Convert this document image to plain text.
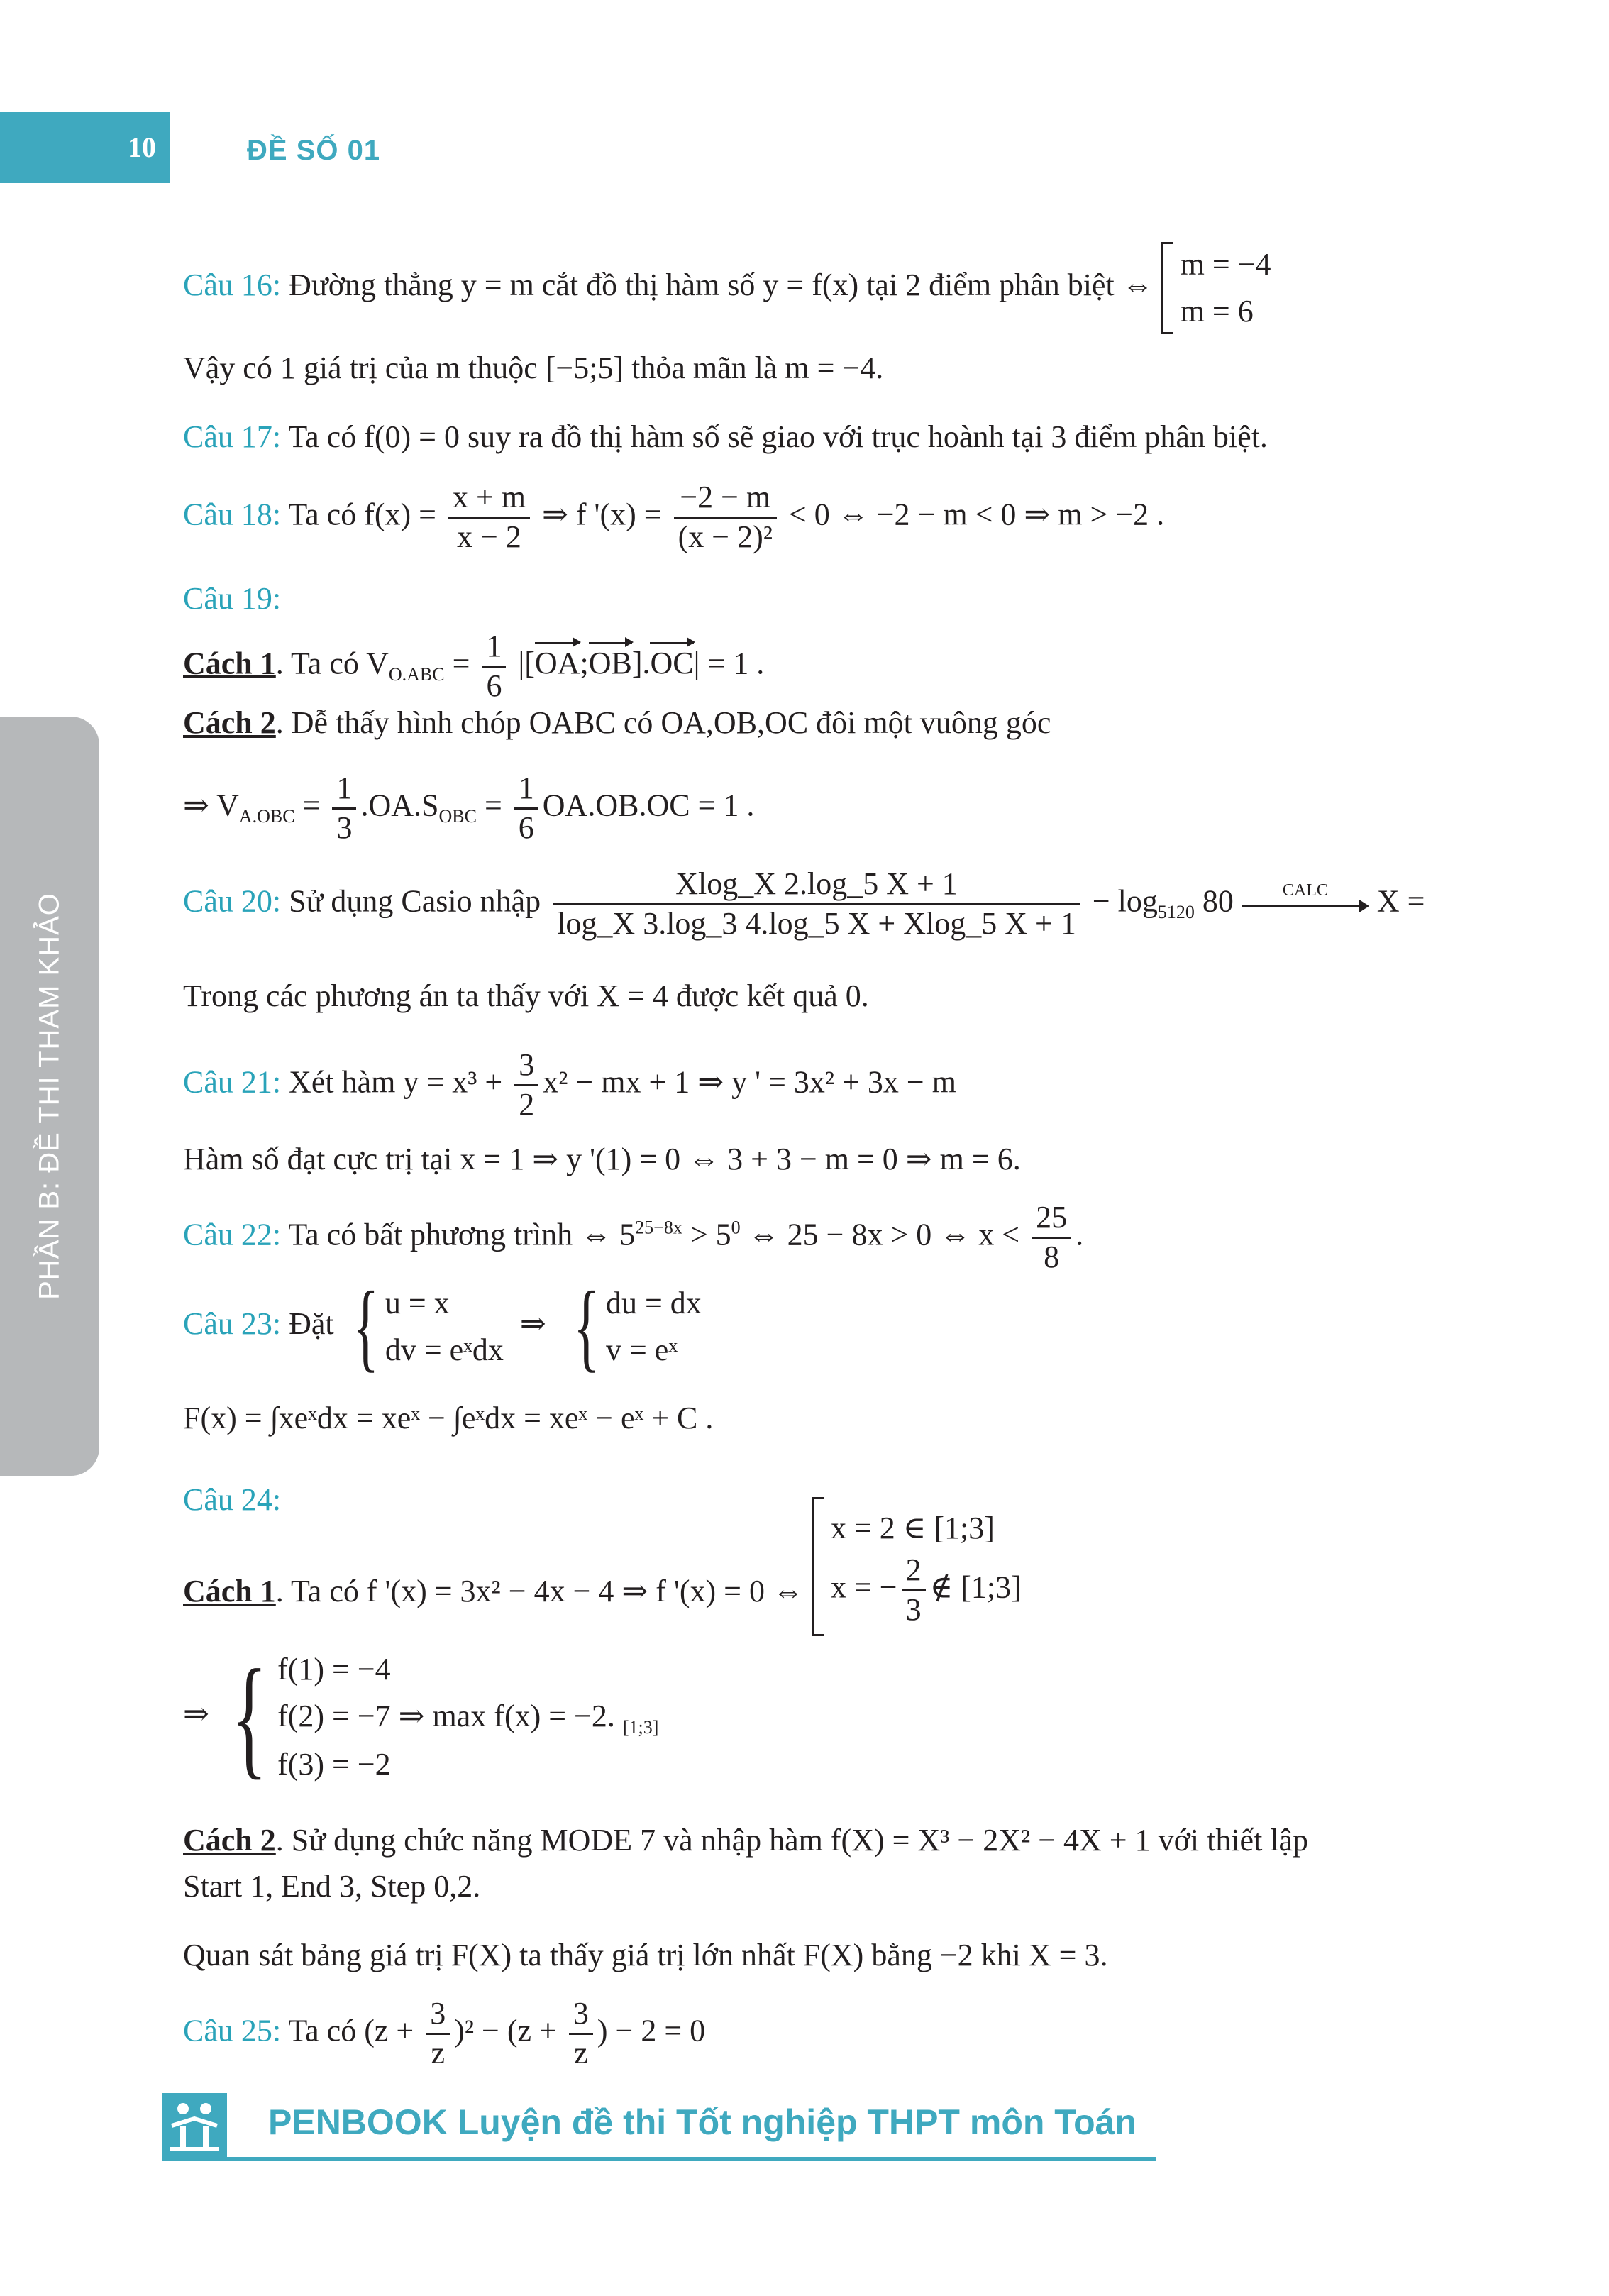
10	ĐỀ SỐ 01
PHẦN B: ĐỀ THI THAM KHẢO
Câu 16: Đường thẳng y = m cắt đồ thị hàm số y = f(x) tại 2 điểm phân biệt ⇔
m = −4
m = 6
Vậy có 1 giá trị của m thuộc [−5;5] thỏa mãn là m = −4.
Câu 17: Ta có f(0) = 0 suy ra đồ thị hàm số sẽ giao với trục hoành tại 3 điểm phân biệt.
Câu 18: Ta có $f(x) = \frac{x + m}{x - 2}$ ⇒ f '$(x) = \frac{-2 - m}{\text{(x − 2)²}} < 0$ ⇔ −2 − m < 0 ⇒ m > −2 .
Câu 19:
Cách 1. Ta có $V_{O.ABC} = \frac{1}{6}$ |[OA;OB].OC| = 1 .
Cách 2. Dễ thấy hình chóp OABC có OA,OB,OC đôi một vuông góc
⇒ $V_{A.OBC} = \frac{1}{3} .OA.S_{OBC} = \frac{1}{6} OA.OB.OC = 1$ .
Câu 20: Sử dụng Casio nhập $\frac{Xlog\_X 2.\log\_5 X + 1}{\log\_X 3.\log\_3 4.\log\_5 X + Xlog\_5 X + 1} - \log_{5120} 80$	CALC	X =
Trong các phương án ta thấy với X = 4 được kết quả 0.
Câu 21: Xét hàm $y = x^3 + \frac{3}{2} x^2$ − mx + 1 ⇒ y ' = 3x² + 3x − m
Hàm số đạt cực trị tại x = 1 ⇒ y '(1) = 0 ⇔ 3 + 3 − m = 0 ⇒ m = 6.
Câu 22: Ta có bất phương trình ⇔ $5^{25-8x} > 5^0$ ⇔ 25 − 8x > 0 ⇔ $x < \frac{25}{8}$ .
Câu 23: Đặt { u = x
dv = eˣdx
⇒ { du = dx
v = eˣ
F(x) = ∫xeˣdx = xeˣ − ∫eˣdx = xeˣ − eˣ + C .
Câu 24:
Cách 1. Ta có f '(x) = 3x² − 4x − 4 ⇒ f '(x) = 0 ⇔
x = 2 ∈ [1;3]
x = − $\frac{2}{3}$ ∉ [1;3]
⇒ { f(1) = −4
f(2) = −7 ⇒ max f(x) = −2. $_{[1;3]}$
f(3) = −2
Cách 2. Sử dụng chức năng MODE 7 và nhập hàm f(X) = X³ − 2X² − 4X + 1 với thiết lập
Start 1, End 3, Step 0,2.
Quan sát bảng giá trị F(X) ta thấy giá trị lớn nhất F(X) bằng −2 khi X = 3.
Câu 25: Ta có $(z + \frac{3}{z} )^2 - (z + \frac{3}{z}$ ) − 2 = 0
PENBOOK Luyện đề thi Tốt nghiệp THPT môn Toán
